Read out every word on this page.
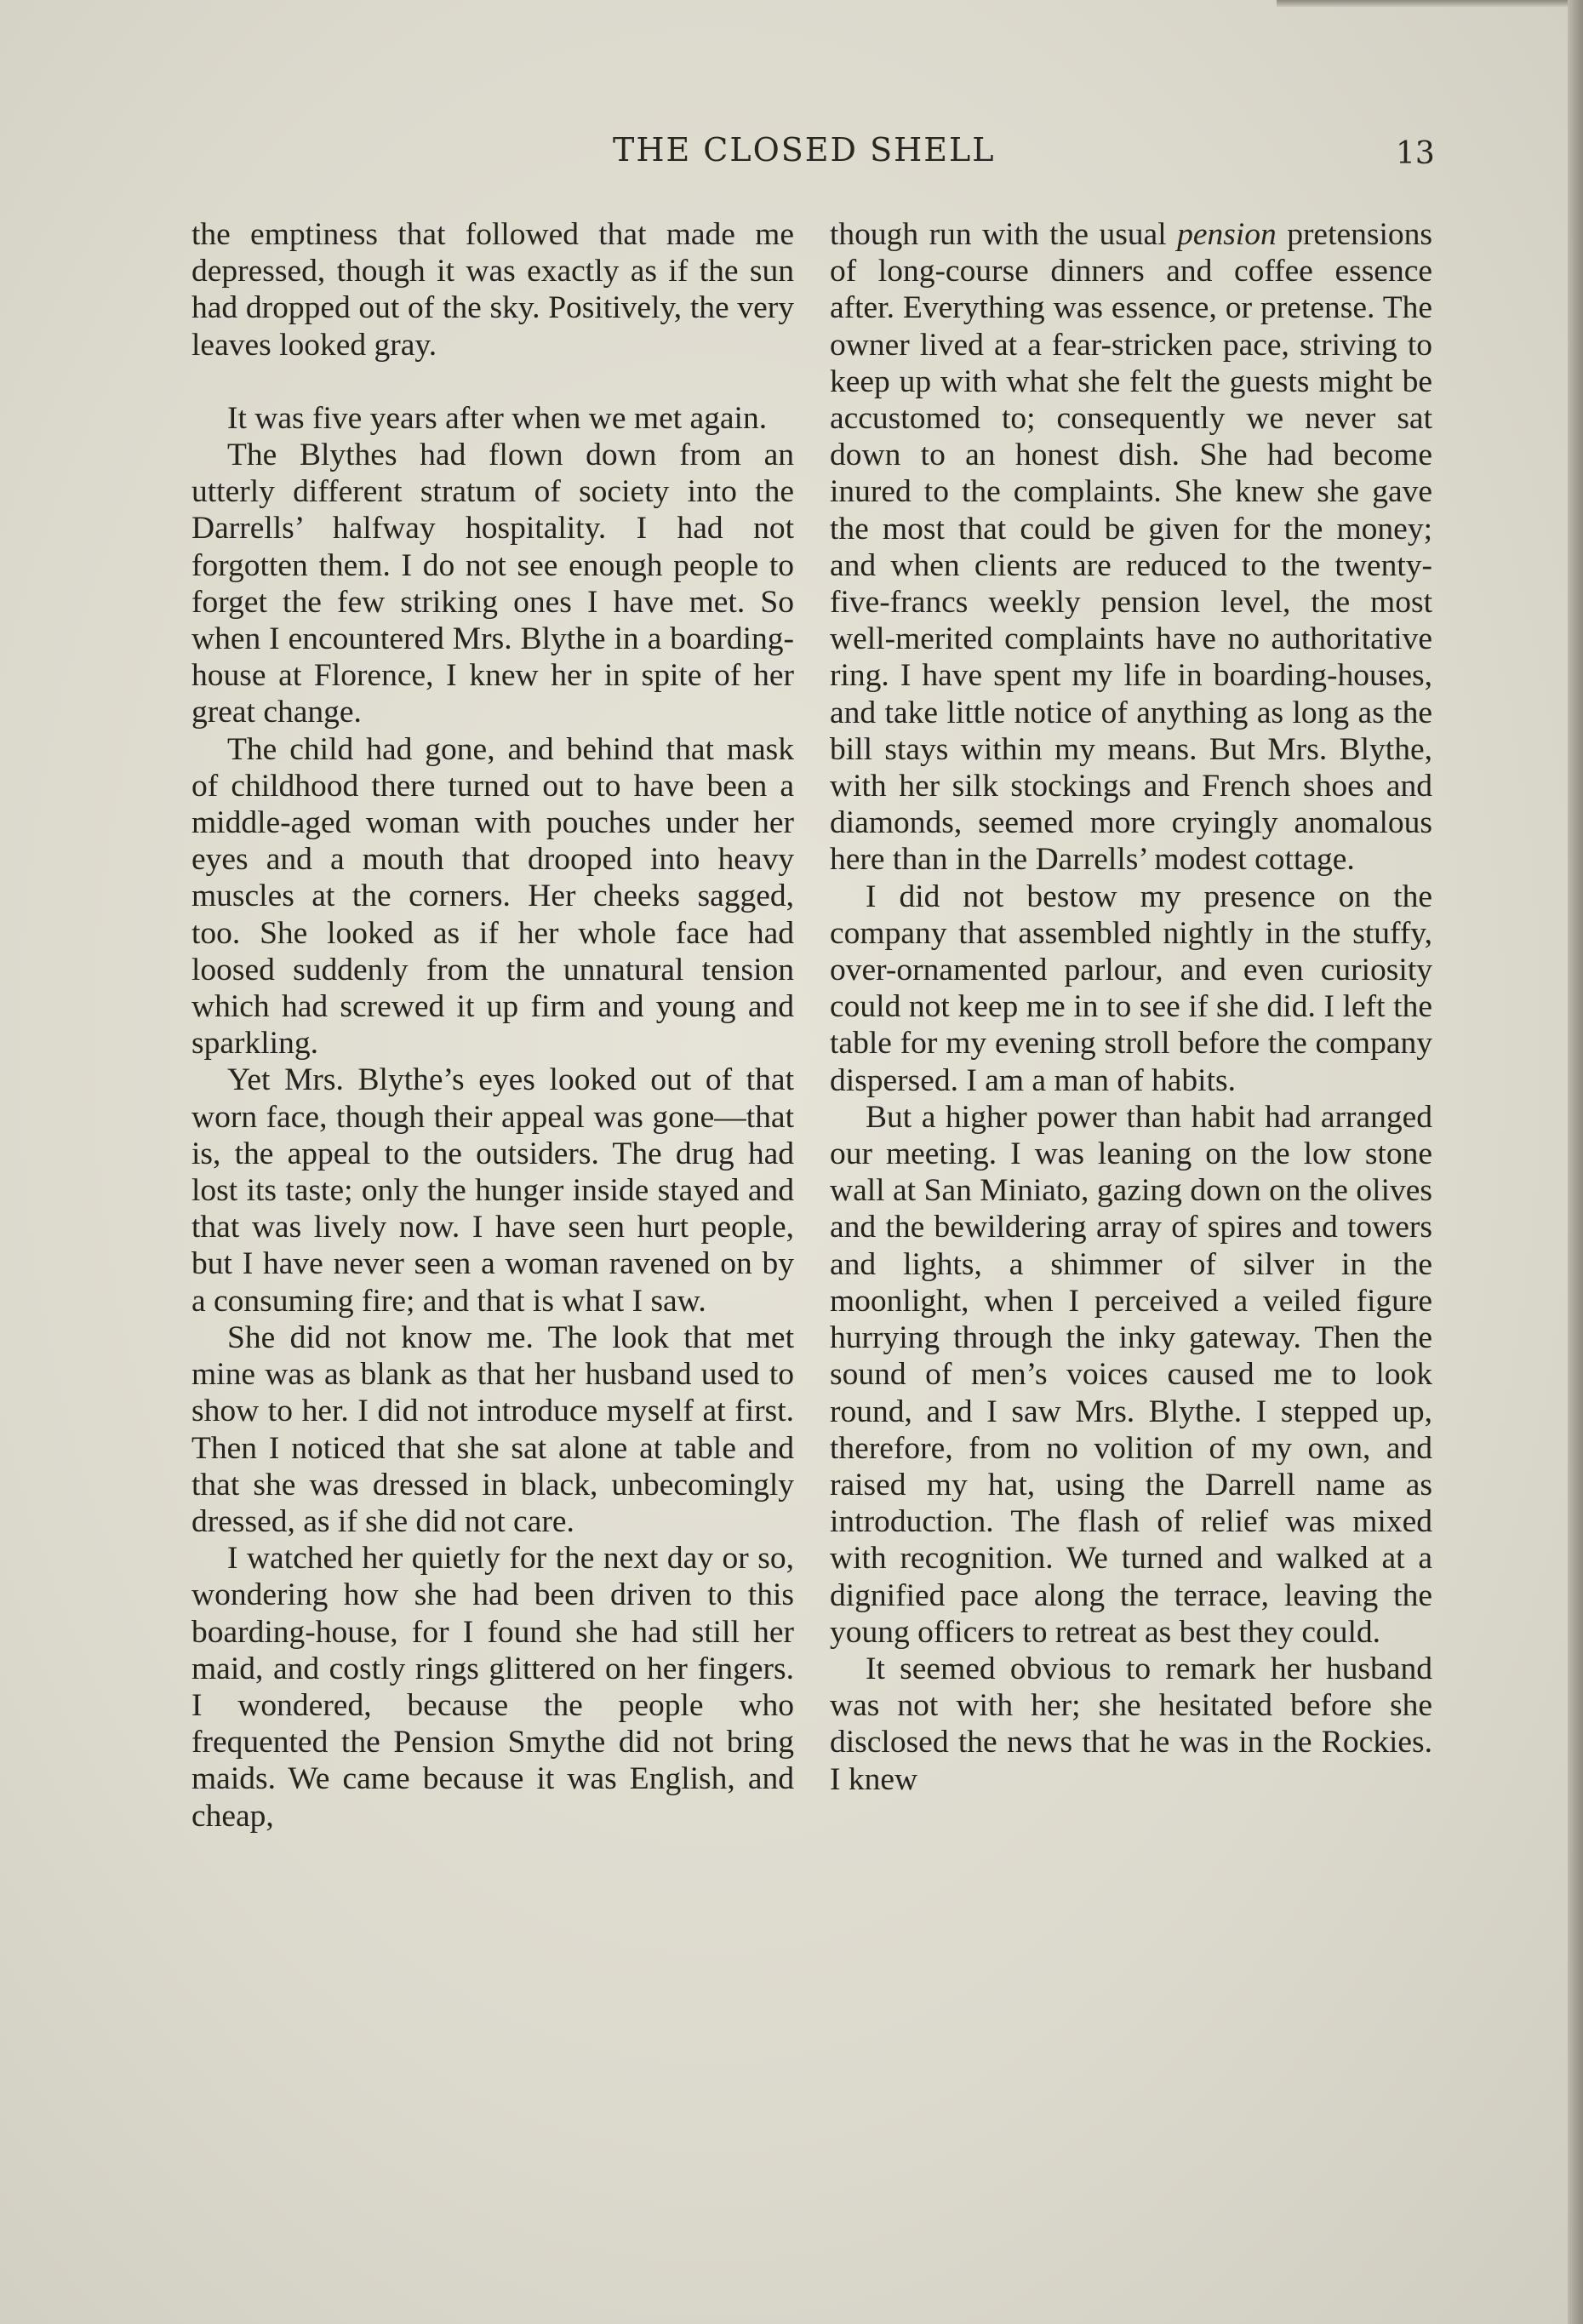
THE CLOSED SHELL	13

the emptiness that followed that made me depressed, though it was exactly as if the sun had dropped out of the sky. Positively, the very leaves looked gray.

It was five years after when we met again.

The Blythes had flown down from an utterly different stratum of society into the Darrells’ halfway hospitality. I had not forgotten them. I do not see enough people to forget the few striking ones I have met. So when I encountered Mrs. Blythe in a boarding-house at Florence, I knew her in spite of her great change.

The child had gone, and behind that mask of childhood there turned out to have been a middle-aged woman with pouches under her eyes and a mouth that drooped into heavy muscles at the corners. Her cheeks sagged, too. She looked as if her whole face had loosed suddenly from the unnatural tension which had screwed it up firm and young and sparkling.

Yet Mrs. Blythe’s eyes looked out of that worn face, though their appeal was gone—that is, the appeal to the outsiders. The drug had lost its taste; only the hunger inside stayed and that was lively now. I have seen hurt people, but I have never seen a woman ravened on by a consuming fire; and that is what I saw.

She did not know me. The look that met mine was as blank as that her husband used to show to her. I did not introduce myself at first. Then I noticed that she sat alone at table and that she was dressed in black, unbecomingly dressed, as if she did not care.

I watched her quietly for the next day or so, wondering how she had been driven to this boarding-house, for I found she had still her maid, and costly rings glittered on her fingers. I wondered, because the people who frequented the Pension Smythe did not bring maids. We came because it was English, and cheap,

though run with the usual pension pretensions of long-course dinners and coffee essence after. Everything was essence, or pretense. The owner lived at a fear-stricken pace, striving to keep up with what she felt the guests might be accustomed to; consequently we never sat down to an honest dish. She had become inured to the complaints. She knew she gave the most that could be given for the money; and when clients are reduced to the twenty-five-francs weekly pension level, the most well-merited complaints have no authoritative ring. I have spent my life in boarding-houses, and take little notice of anything as long as the bill stays within my means. But Mrs. Blythe, with her silk stockings and French shoes and diamonds, seemed more cryingly anomalous here than in the Darrells’ modest cottage.

I did not bestow my presence on the company that assembled nightly in the stuffy, over-ornamented parlour, and even curiosity could not keep me in to see if she did. I left the table for my evening stroll before the company dispersed. I am a man of habits.

But a higher power than habit had arranged our meeting. I was leaning on the low stone wall at San Miniato, gazing down on the olives and the bewildering array of spires and towers and lights, a shimmer of silver in the moonlight, when I perceived a veiled figure hurrying through the inky gateway. Then the sound of men’s voices caused me to look round, and I saw Mrs. Blythe. I stepped up, therefore, from no volition of my own, and raised my hat, using the Darrell name as introduction. The flash of relief was mixed with recognition. We turned and walked at a dignified pace along the terrace, leaving the young officers to retreat as best they could.

It seemed obvious to remark her husband was not with her; she hesitated before she disclosed the news that he was in the Rockies. I knew
